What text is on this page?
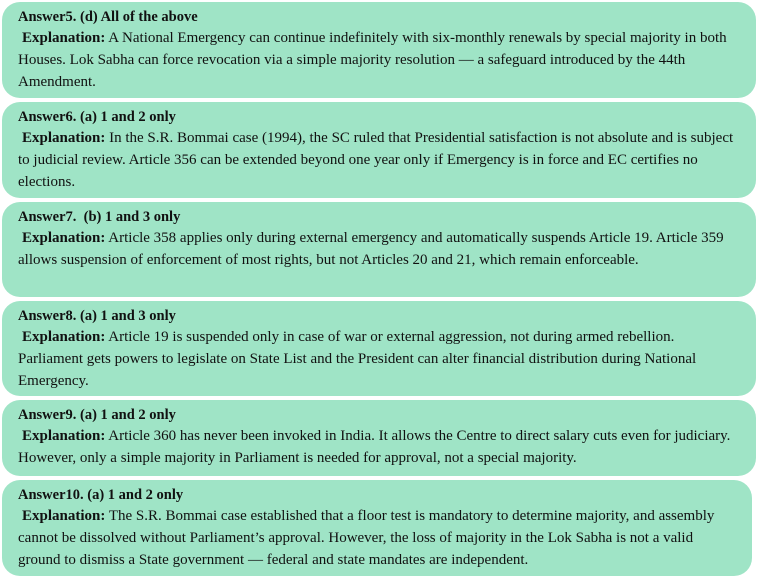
Answer5. (d) All of the above
Explanation: A National Emergency can continue indefinitely with six-monthly renewals by special majority in both Houses. Lok Sabha can force revocation via a simple majority resolution — a safeguard introduced by the 44th Amendment.
Answer6. (a) 1 and 2 only
Explanation: In the S.R. Bommai case (1994), the SC ruled that Presidential satisfaction is not absolute and is subject to judicial review. Article 356 can be extended beyond one year only if Emergency is in force and EC certifies no elections.
Answer7.  (b) 1 and 3 only
Explanation: Article 358 applies only during external emergency and automatically suspends Article 19. Article 359 allows suspension of enforcement of most rights, but not Articles 20 and 21, which remain enforceable.
Answer8. (a) 1 and 3 only
Explanation: Article 19 is suspended only in case of war or external aggression, not during armed rebellion. Parliament gets powers to legislate on State List and the President can alter financial distribution during National Emergency.
Answer9. (a) 1 and 2 only
Explanation: Article 360 has never been invoked in India. It allows the Centre to direct salary cuts even for judiciary. However, only a simple majority in Parliament is needed for approval, not a special majority.
Answer10. (a) 1 and 2 only
Explanation: The S.R. Bommai case established that a floor test is mandatory to determine majority, and assembly cannot be dissolved without Parliament’s approval. However, the loss of majority in the Lok Sabha is not a valid ground to dismiss a State government — federal and state mandates are independent.
